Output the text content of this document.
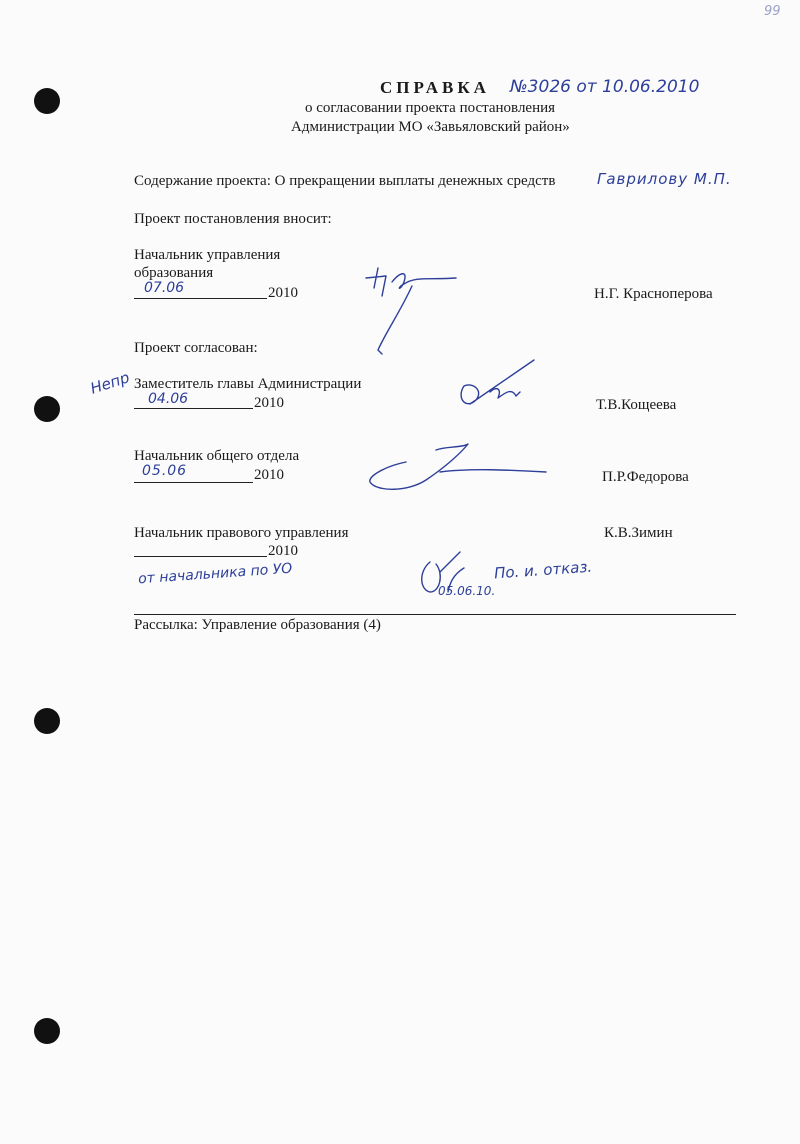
99
СПРАВКА №3026 от 10.06.2010
о согласовании проекта постановления
Администрации МО «Завьяловский район»
Содержание проекта: О прекращении выплаты денежных средств	Гаврилову М.П.
Проект постановления вносит:
Начальник управления
образования
07.06	2010	Н.Г. Красноперова
Проект согласован:
Непр Заместитель главы Администрации
04.06	2010	Т.В.Кощеева
Начальник общего отдела
05.06	2010	П.Р.Федорова
Начальник правового управления	К.В.Зимин
2010
от начальника по УО	По. и. отказ.
05.06.10.
Рассылка: Управление образования (4)
